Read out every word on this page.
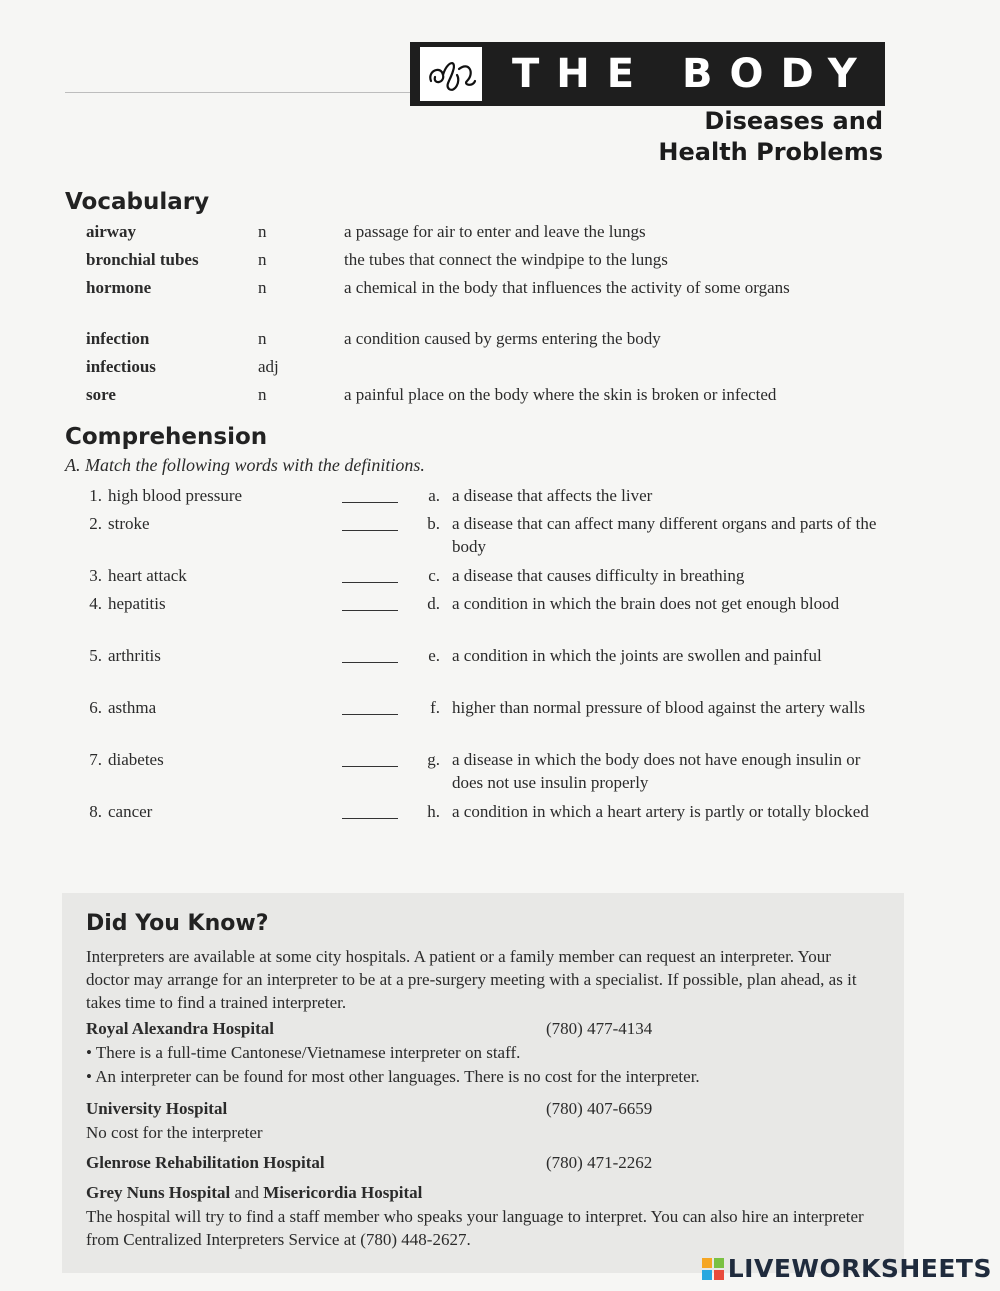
THE BODY
Diseases and
Health Problems
Vocabulary
airway	n	a passage for air to enter and leave the lungs
bronchial tubes	n	the tubes that connect the windpipe to the lungs
hormone	n	a chemical in the body that influences the activity of some organs
infection	n	a condition caused by germs entering the body
infectious	adj
sore	n	a painful place on the body where the skin is broken or infected
Comprehension
A. Match the following words with the definitions.
1. high blood pressure	a. a disease that affects the liver
2. stroke	b. a disease that can affect many different organs and parts of the body
3. heart attack	c. a disease that causes difficulty in breathing
4. hepatitis	d. a condition in which the brain does not get enough blood
5. arthritis	e. a condition in which the joints are swollen and painful
6. asthma	f. higher than normal pressure of blood against the artery walls
7. diabetes	g. a disease in which the body does not have enough insulin or does not use insulin properly
8. cancer	h. a condition in which a heart artery is partly or totally blocked
Did You Know?
Interpreters are available at some city hospitals. A patient or a family member can request an interpreter. Your doctor may arrange for an interpreter to be at a pre-surgery meeting with a specialist. If possible, plan ahead, as it takes time to find a trained interpreter.
Royal Alexandra Hospital	(780) 477-4134
• There is a full-time Cantonese/Vietnamese interpreter on staff.
• An interpreter can be found for most other languages. There is no cost for the interpreter.
University Hospital	(780) 407-6659
No cost for the interpreter
Glenrose Rehabilitation Hospital	(780) 471-2262
Grey Nuns Hospital and Misericordia Hospital
The hospital will try to find a staff member who speaks your language to interpret. You can also hire an interpreter from Centralized Interpreters Service at (780) 448-2627.
LIVEWORKSHEETS
